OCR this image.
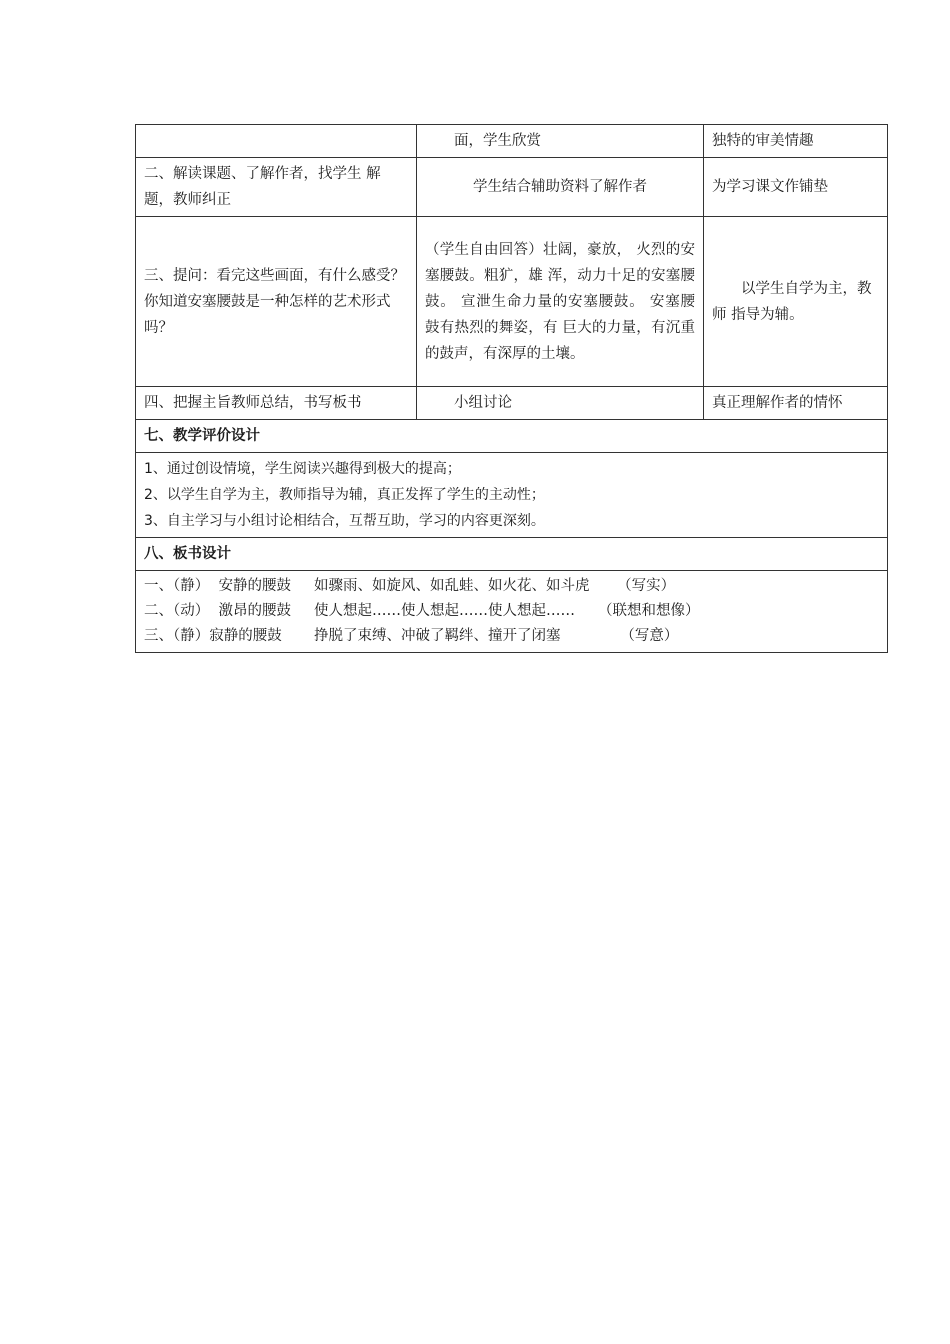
	面，学生欣赏	独特的审美情趣
二、解读课题、了解作者，找学生 解题，教师纠正	学生结合辅助资料了解作者	为学习课文作铺垫
三、提问：看完这些画面，有什么感受？你知道安塞腰鼓是一种怎样的艺术形式吗？	（学生自由回答）壮阔，豪放， 火烈的安塞腰鼓。粗犷，雄 浑，动力十足的安塞腰鼓。 宣泄生命力量的安塞腰鼓。 安塞腰鼓有热烈的舞姿，有 巨大的力量，有沉重的鼓声，有深厚的土壤。	以学生自学为主，教师 指导为辅。
四、把握主旨教师总结，书写板书	小组讨论	真正理解作者的情怀
七、教学评价设计		

1、通过创设情境，学生阅读兴趣得到极大的提高；
2、以学生自学为主，教师指导为辅，真正发挥了学生的主动性；
3、自主学习与小组讨论相结合，互帮互助，学习的内容更深刻。		

八、板书设计		

一、（静）  安静的腰鼓     如骤雨、如旋风、如乱蛙、如火花、如斗虎      （写实）
二、（动）  激昂的腰鼓     使人想起……使人想起……使人想起……     （联想和想像）
三、（静）寂静的腰鼓       挣脱了束缚、冲破了羁绊、撞开了闭塞             （写意）		
